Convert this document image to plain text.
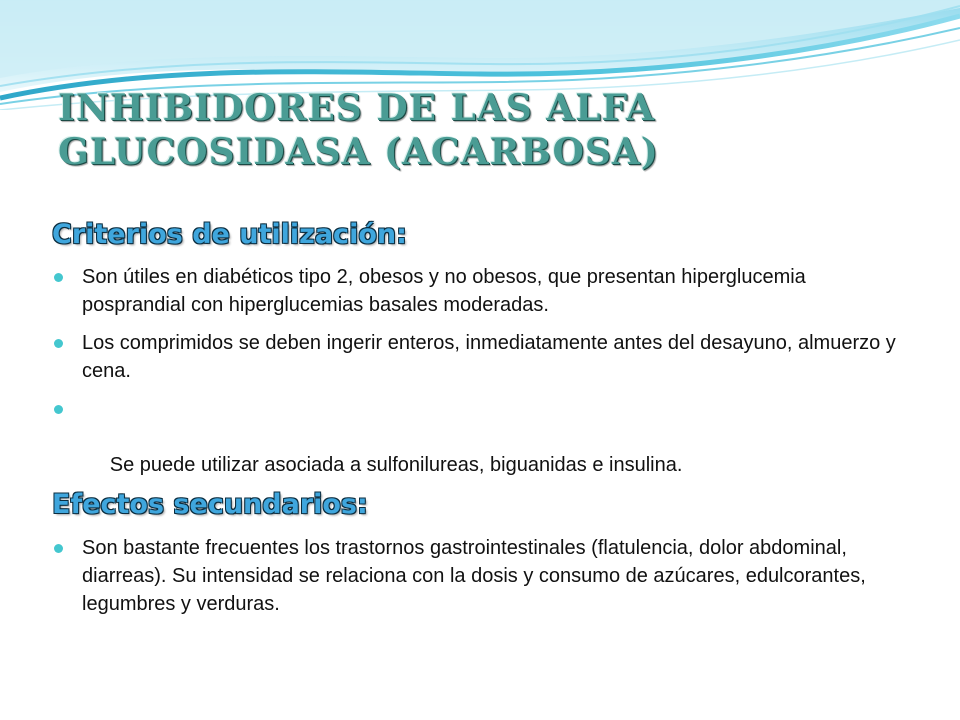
INHIBIDORES DE LAS ALFA
GLUCOSIDASA (ACARBOSA)
Criterios de utilización:
Son útiles en diabéticos tipo 2, obesos y no obesos, que presentan hiperglucemia posprandial con hiperglucemias basales moderadas.
Los comprimidos se deben ingerir enteros, inmediatamente antes del desayuno, almuerzo y cena.

Se puede utilizar asociada a sulfonilureas, biguanidas e insulina.

Efectos secundarios:
Son bastante frecuentes los trastornos gastrointestinales (flatulencia, dolor abdominal, diarreas). Su intensidad se relaciona con la dosis y consumo de azúcares, edulcorantes, legumbres y verduras.
